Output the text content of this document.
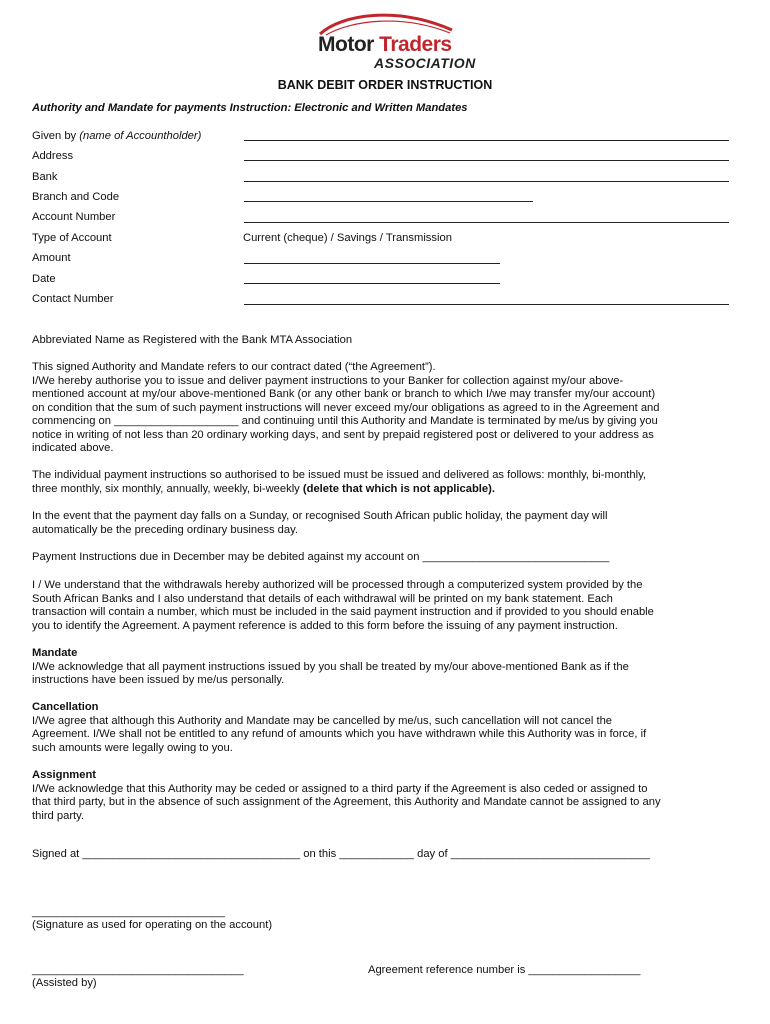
Motor Traders
ASSOCIATION
BANK DEBIT ORDER INSTRUCTION
Authority and Mandate for payments Instruction: Electronic and Written Mandates
Given by (name of Accountholder)
Address
Bank
Branch and Code
Account Number
Type of Account	Current (cheque) / Savings / Transmission
Amount
Date
Contact Number
Abbreviated Name as Registered with the Bank MTA Association
This signed Authority and Mandate refers to our contract dated (“the Agreement”).
I/We hereby authorise you to issue and deliver payment instructions to your Banker for collection against my/our above-
mentioned account at my/our above-mentioned Bank (or any other bank or branch to which I/we may transfer my/our account)
on condition that the sum of such payment instructions will never exceed my/our obligations as agreed to in the Agreement and
commencing on ____________________ and continuing until this Authority and Mandate is terminated by me/us by giving you
notice in writing of not less than 20 ordinary working days, and sent by prepaid registered post or delivered to your address as
indicated above.
The individual payment instructions so authorised to be issued must be issued and delivered as follows: monthly, bi-monthly,
three monthly, six monthly, annually, weekly, bi-weekly (delete that which is not applicable).
In the event that the payment day falls on a Sunday, or recognised South African public holiday, the payment day will
automatically be the preceding ordinary business day.
Payment Instructions due in December may be debited against my account on ______________________________
I / We understand that the withdrawals hereby authorized will be processed through a computerized system provided by the
South African Banks and I also understand that details of each withdrawal will be printed on my bank statement. Each
transaction will contain a number, which must be included in the said payment instruction and if provided to you should enable
you to identify the Agreement. A payment reference is added to this form before the issuing of any payment instruction.
Mandate
I/We acknowledge that all payment instructions issued by you shall be treated by my/our above-mentioned Bank as if the
instructions have been issued by me/us personally.
Cancellation
I/We agree that although this Authority and Mandate may be cancelled by me/us, such cancellation will not cancel the
Agreement. I/We shall not be entitled to any refund of amounts which you have withdrawn while this Authority was in force, if
such amounts were legally owing to you.
Assignment
I/We acknowledge that this Authority may be ceded or assigned to a third party if the Agreement is also ceded or assigned to
that third party, but in the absence of such assignment of the Agreement, this Authority and Mandate cannot be assigned to any
third party.
Signed at ___________________________________ on this ____________ day of ________________________________
_______________________________
(Signature as used for operating on the account)
__________________________________	Agreement reference number is __________________
(Assisted by)
